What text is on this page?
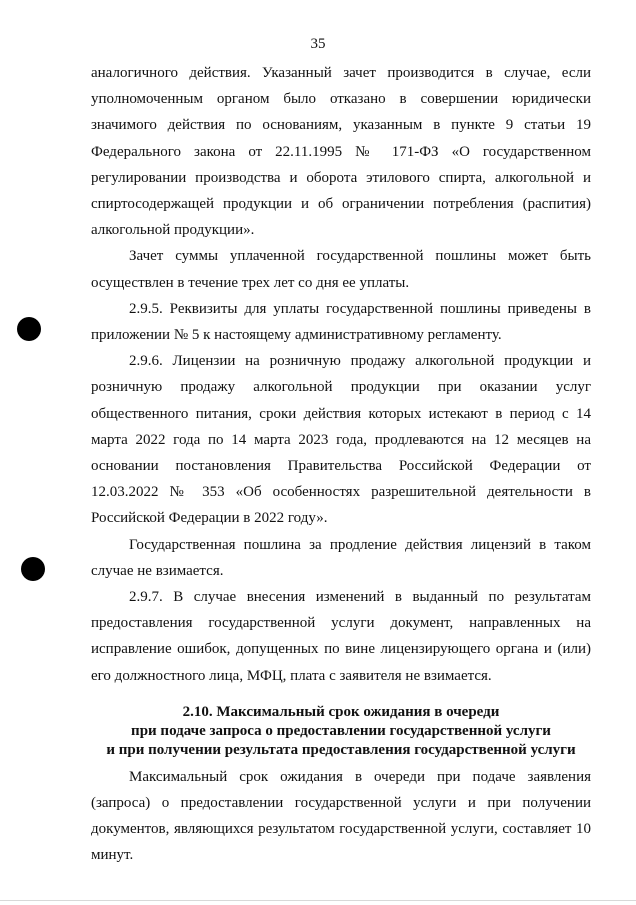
35

аналогичного действия. Указанный зачет производится в случае, если уполномоченным органом было отказано в совершении юридически значимого действия по основаниям, указанным в пункте 9 статьи 19 Федерального закона от 22.11.1995 № 171-ФЗ «О государственном регулировании производства и оборота этилового спирта, алкогольной и спиртосодержащей продукции и об ограничении потребления (распития) алкогольной продукции».

Зачет суммы уплаченной государственной пошлины может быть осуществлен в течение трех лет со дня ее уплаты.

2.9.5. Реквизиты для уплаты государственной пошлины приведены в приложении № 5 к настоящему административному регламенту.

2.9.6. Лицензии на розничную продажу алкогольной продукции и розничную продажу алкогольной продукции при оказании услуг общественного питания, сроки действия которых истекают в период с 14 марта 2022 года по 14 марта 2023 года, продлеваются на 12 месяцев на основании постановления Правительства Российской Федерации от 12.03.2022 № 353 «Об особенностях разрешительной деятельности в Российской Федерации в 2022 году».

Государственная пошлина за продление действия лицензий в таком случае не взимается.

2.9.7. В случае внесения изменений в выданный по результатам предоставления государственной услуги документ, направленных на исправление ошибок, допущенных по вине лицензирующего органа и (или) его должностного лица, МФЦ, плата с заявителя не взимается.

2.10. Максимальный срок ожидания в очереди
при подаче запроса о предоставлении государственной услуги
и при получении результата предоставления государственной услуги

Максимальный срок ожидания в очереди при подаче заявления (запроса) о предоставлении государственной услуги и при получении документов, являющихся результатом государственной услуги, составляет 10 минут.
